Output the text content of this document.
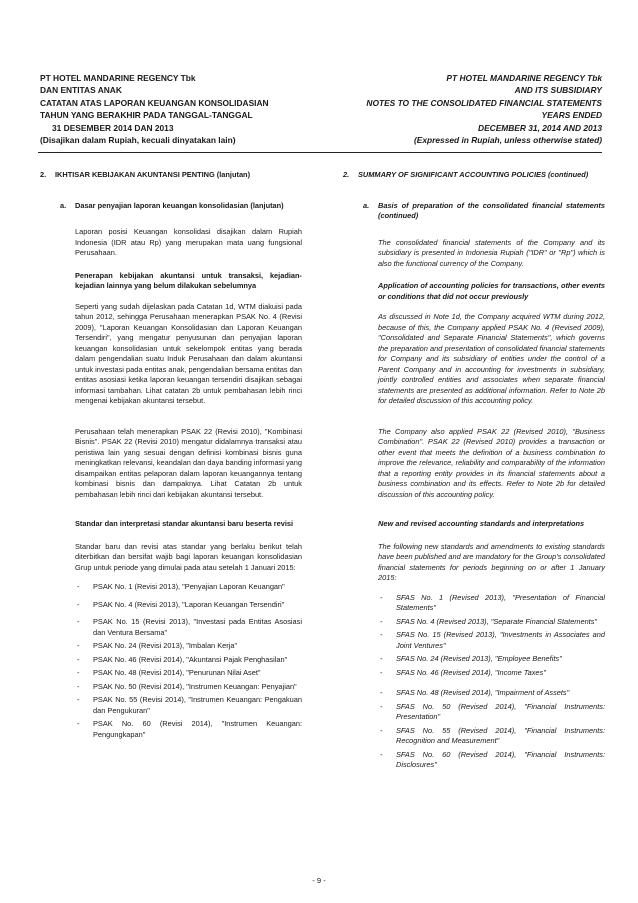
PT HOTEL MANDARINE REGENCY Tbk
DAN ENTITAS ANAK
CATATAN ATAS LAPORAN KEUANGAN KONSOLIDASIAN
TAHUN YANG BERAKHIR PADA TANGGAL-TANGGAL
31 DESEMBER 2014 DAN 2013
(Disajikan dalam Rupiah, kecuali dinyatakan lain)
PT HOTEL MANDARINE REGENCY Tbk
AND ITS SUBSIDIARY
NOTES TO THE CONSOLIDATED FINANCIAL STATEMENTS
YEARS ENDED
DECEMBER 31, 2014 AND 2013
(Expressed in Rupiah, unless otherwise stated)
2.	IKHTISAR KEBIJAKAN AKUNTANSI PENTING (lanjutan)
a.	Dasar penyajian laporan keuangan konsolidasian (lanjutan)
Laporan posisi Keuangan konsolidasi disajikan dalam Rupiah Indonesia (IDR atau Rp) yang merupakan mata uang fungsional Perusahaan.
Penerapan kebijakan akuntansi untuk transaksi, kejadian-kejadian lainnya yang belum dilakukan sebelumnya
Seperti yang sudah dijelaskan pada Catatan 1d, WTM diakuisi pada tahun 2012, sehingga Perusahaan menerapkan PSAK No. 4 (Revisi 2009), "Laporan Keuangan Konsolidasian dan Laporan Keuangan Tersendiri", yang mengatur penyusunan dan penyajian laporan keuangan konsolidasian untuk sekelompok entitas yang berada dalam pengendalian suatu Induk Perusahaan dan dalam akuntansi untuk investasi pada entitas anak, pengendalian bersama entitas dan entitas asosiasi ketika laporan keuangan tersendiri disajikan sebagai informasi tambahan. Lihat catatan 2b untuk pembahasan lebih rinci mengenai kebijakan akuntansi tersebut.
Perusahaan telah menerapkan PSAK 22 (Revisi 2010), "Kombinasi Bisnis". PSAK 22 (Revisi 2010) mengatur didalamnya transaksi atau peristiwa lain yang sesuai dengan definisi kombinasi bisnis guna meningkatkan relevansi, keandalan dan daya banding informasi yang disampaikan entitas pelaporan dalam laporan keuangannya tentang kombinasi bisnis dan dampaknya. Lihat Catatan 2b untuk pembahasan lebih rinci dari kebijakan akuntansi tersebut.
Standar dan interpretasi standar akuntansi baru beserta revisi
Standar baru dan revisi atas standar yang berlaku berikut telah diterbitkan dan bersifat wajib bagi laporan keuangan konsolidasian Grup untuk periode yang dimulai pada atau setelah 1 Januari 2015:
-	PSAK No. 1 (Revisi 2013), "Penyajian Laporan Keuangan"
-	PSAK No. 4 (Revisi 2013), "Laporan Keuangan Tersendiri"
-	PSAK No. 15 (Revisi 2013), "Investasi pada Entitas Asosiasi dan Ventura Bersama"
-	PSAK No. 24 (Revisi 2013), "Imbalan Kerja"
-	PSAK No. 46 (Revisi 2014), "Akuntansi Pajak Penghasilan"
-	PSAK No. 48 (Revisi 2014), "Penurunan Nilai Aset"
-	PSAK No. 50 (Revisi 2014), "Instrumen Keuangan: Penyajian"
-	PSAK No. 55 (Revisi 2014), "Instrumen Keuangan: Pengakuan dan Pengukuran"
-	PSAK No. 60 (Revisi 2014), "Instrumen Keuangan: Pengungkapan"
2.	SUMMARY OF SIGNIFICANT ACCOUNTING POLICIES (continued)
a.	Basis of preparation of the consolidated financial statements (continued)
The consolidated financial statements of the Company and its subsidiary is presented in Indonesia Rupiah ("IDR" or "Rp") which is also the functional currency of the Company.
Application of accounting policies for transactions, other events or conditions that did not occur previously
As discussed in Note 1d, the Company acquired WTM during 2012, because of this, the Company applied PSAK No. 4 (Revised 2009), "Consolidated and Separate Financial Statements", which governs the preparation and presentation of consolidated financial statements for Company and its subsidiary of entities under the control of a Parent Company and in accounting for investments in subsidiary, jointly controlled entities and associates when separate financial statements are presented as additional information. Refer to Note 2b for detailed discussion of this accounting policy.
The Company also applied PSAK 22 (Revised 2010), "Business Combination". PSAK 22 (Revised 2010) provides a transaction or other event that meets the definition of a business combination to improve the relevance, reliability and comparability of the information that a reporting entity provides in its financial statements about a business combination and its effects. Refer to Note 2b for detailed discussion of this accounting policy.
New and revised accounting standards and interpretations
The following new standards and amendments to existing standards have been published and are mandatory for the Group's consolidated financial statements for periods beginning on or after 1 January 2015:
-	SFAS No. 1 (Revised 2013), "Presentation of Financial Statements"
-	SFAS No. 4 (Revised 2013), "Separate Financial Statements"
-	SFAS No. 15 (Revised 2013), "Investments in Associates and Joint Ventures"
-	SFAS No. 24 (Revised 2013), "Employee Benefits"
-	SFAS No. 46 (Revised 2014), "Income Taxes"
-	SFAS No. 48 (Revised 2014), "Impairment of Assets"
-	SFAS No. 50 (Revised 2014), "Financial Instruments: Presentation"
-	SFAS No. 55 (Revised 2014), "Financial Instruments: Recognition and Measurement"
-	SFAS No. 60 (Revised 2014), "Financial Instruments: Disclosures"
- 9 -
